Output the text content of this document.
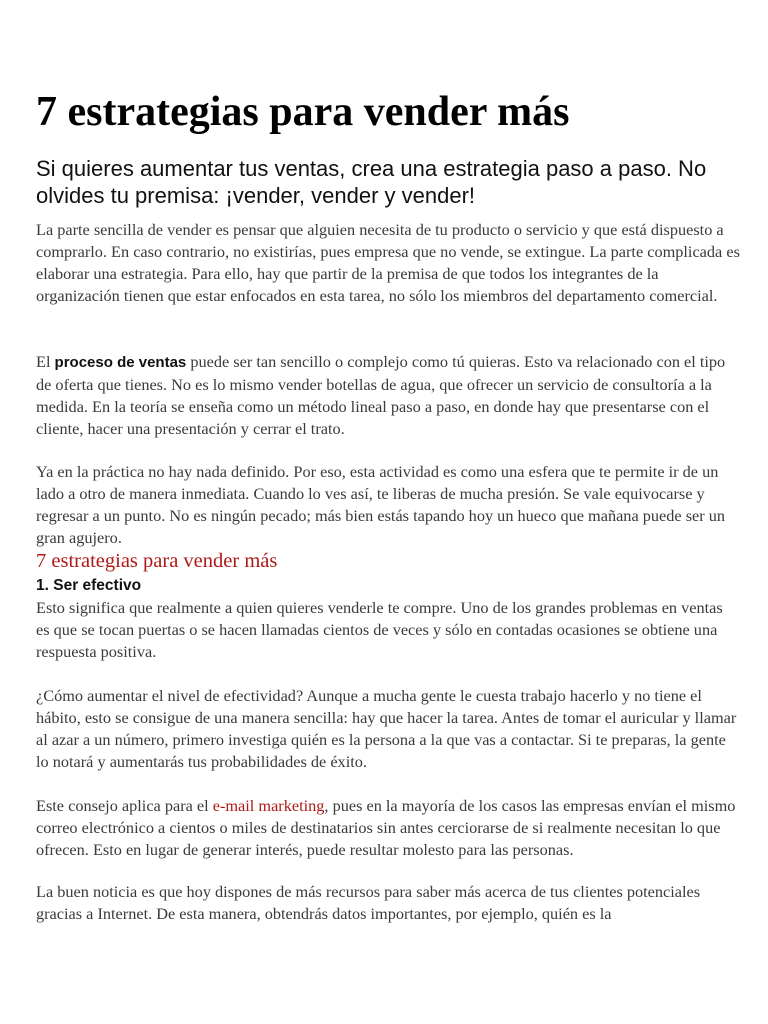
7 estrategias para vender más
Si quieres aumentar tus ventas, crea una estrategia paso a paso. No olvides tu premisa: ¡vender, vender y vender!

La parte sencilla de vender es pensar que alguien necesita de tu producto o servicio y que está dispuesto a comprarlo. En caso contrario, no existirías, pues empresa que no vende, se extingue. La parte complicada es elaborar una estrategia. Para ello, hay que partir de la premisa de que todos los integrantes de la organización tienen que estar enfocados en esta tarea, no sólo los miembros del departamento comercial.

El proceso de ventas puede ser tan sencillo o complejo como tú quieras. Esto va relacionado con el tipo de oferta que tienes. No es lo mismo vender botellas de agua, que ofrecer un servicio de consultoría a la medida. En la teoría se enseña como un método lineal paso a paso, en donde hay que presentarse con el cliente, hacer una presentación y cerrar el trato.

Ya en la práctica no hay nada definido. Por eso, esta actividad es como una esfera que te permite ir de un lado a otro de manera inmediata. Cuando lo ves así, te liberas de mucha presión. Se vale equivocarse y regresar a un punto. No es ningún pecado; más bien estás tapando hoy un hueco que mañana puede ser un gran agujero.

7 estrategias para vender más
1. Ser efectivo

Esto significa que realmente a quien quieres venderle te compre. Uno de los grandes problemas en ventas es que se tocan puertas o se hacen llamadas cientos de veces y sólo en contadas ocasiones se obtiene una respuesta positiva.

¿Cómo aumentar el nivel de efectividad? Aunque a mucha gente le cuesta trabajo hacerlo y no tiene el hábito, esto se consigue de una manera sencilla: hay que hacer la tarea. Antes de tomar el auricular y llamar al azar a un número, primero investiga quién es la persona a la que vas a contactar. Si te preparas, la gente lo notará y aumentarás tus probabilidades de éxito.

Este consejo aplica para el e-mail marketing, pues en la mayoría de los casos las empresas envían el mismo correo electrónico a cientos o miles de destinatarios sin antes cerciorarse de si realmente necesitan lo que ofrecen. Esto en lugar de generar interés, puede resultar molesto para las personas.

La buen noticia es que hoy dispones de más recursos para saber más acerca de tus clientes potenciales gracias a Internet. De esta manera, obtendrás datos importantes, por ejemplo, quién es la
